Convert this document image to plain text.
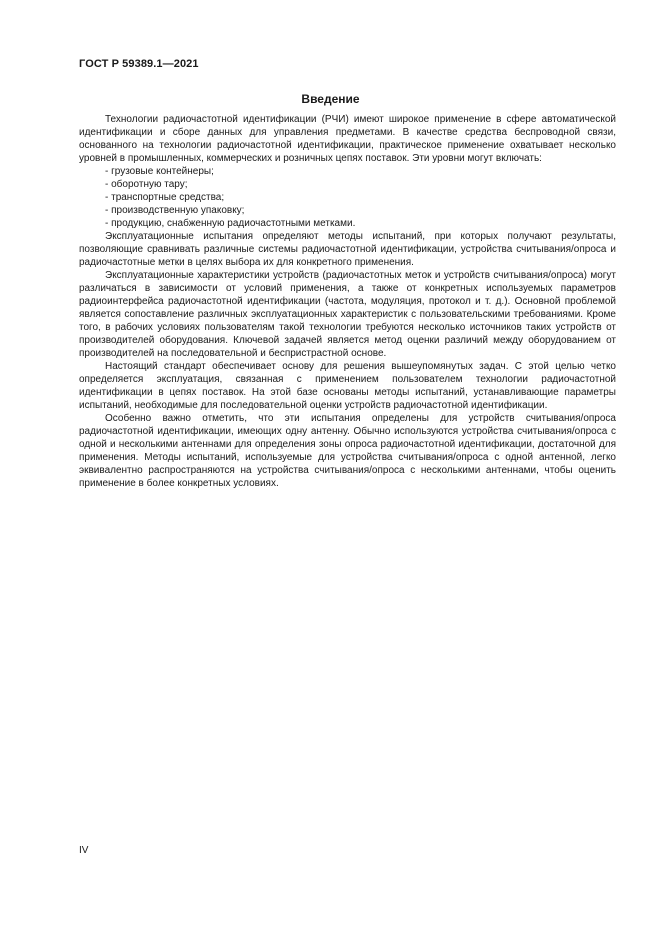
ГОСТ Р 59389.1—2021
Введение

Технологии радиочастотной идентификации (РЧИ) имеют широкое применение в сфере автоматической идентификации и сборе данных для управления предметами. В качестве средства беспроводной связи, основанного на технологии радиочастотной идентификации, практическое применение охватывает несколько уровней в промышленных, коммерческих и розничных цепях поставок. Эти уровни могут включать:

- грузовые контейнеры;
- оборотную тару;
- транспортные средства;
- производственную упаковку;
- продукцию, снабженную радиочастотными метками.

Эксплуатационные испытания определяют методы испытаний, при которых получают результаты, позволяющие сравнивать различные системы радиочастотной идентификации, устройства считывания/опроса и радиочастотные метки в целях выбора их для конкретного применения.

Эксплуатационные характеристики устройств (радиочастотных меток и устройств считывания/опроса) могут различаться в зависимости от условий применения, а также от конкретных используемых параметров радиоинтерфейса радиочастотной идентификации (частота, модуляция, протокол и т. д.). Основной проблемой является сопоставление различных эксплуатационных характеристик с пользовательскими требованиями. Кроме того, в рабочих условиях пользователям такой технологии требуются несколько источников таких устройств от производителей оборудования. Ключевой задачей является метод оценки различий между оборудованием от производителей на последовательной и беспристрастной основе.

Настоящий стандарт обеспечивает основу для решения вышеупомянутых задач. С этой целью четко определяется эксплуатация, связанная с применением пользователем технологии радиочастотной идентификации в цепях поставок. На этой базе основаны методы испытаний, устанавливающие параметры испытаний, необходимые для последовательной оценки устройств радиочастотной идентификации.

Особенно важно отметить, что эти испытания определены для устройств считывания/опроса радиочастотной идентификации, имеющих одну антенну. Обычно используются устройства считывания/опроса с одной и несколькими антеннами для определения зоны опроса радиочастотной идентификации, достаточной для применения. Методы испытаний, используемые для устройства считывания/опроса с одной антенной, легко эквивалентно распространяются на устройства считывания/опроса с несколькими антеннами, чтобы оценить применение в более конкретных условиях.

IV
